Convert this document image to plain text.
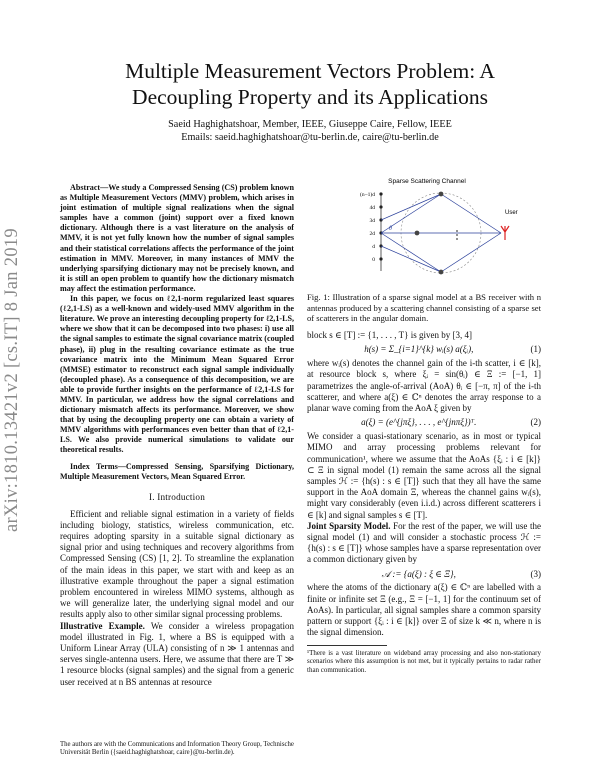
arXiv:1810.13421v2 [cs.IT] 8 Jan 2019
Multiple Measurement Vectors Problem: A
Decoupling Property and its Applications
Saeid Haghighatshoar, Member, IEEE, Giuseppe Caire, Fellow, IEEE
Emails: saeid.haghighatshoar@tu-berlin.de, caire@tu-berlin.de

Abstract—We study a Compressed Sensing (CS) problem known as Multiple Measurement Vectors (MMV) problem, which arises in joint estimation of multiple signal realizations when the signal samples have a common (joint) support over a fixed known dictionary. Although there is a vast literature on the analysis of MMV, it is not yet fully known how the number of signal samples and their statistical correlations affects the performance of the joint estimation in MMV. Moreover, in many instances of MMV the underlying sparsifying dictionary may not be precisely known, and it is still an open problem to quantify how the dictionary mismatch may affect the estimation performance.

In this paper, we focus on ℓ2,1-norm regularized least squares (ℓ2,1-LS) as a well-known and widely-used MMV algorithm in the literature. We prove an interesting decoupling property for ℓ2,1-LS, where we show that it can be decomposed into two phases: i) use all the signal samples to estimate the signal covariance matrix (coupled phase), ii) plug in the resulting covariance estimate as the true covariance matrix into the Minimum Mean Squared Error (MMSE) estimator to reconstruct each signal sample individually (decoupled phase). As a consequence of this decomposition, we are able to provide further insights on the performance of ℓ2,1-LS for MMV. In particular, we address how the signal correlations and dictionary mismatch affects its performance. Moreover, we show that by using the decoupling property one can obtain a variety of MMV algorithms with performances even better than that of ℓ2,1-LS. We also provide numerical simulations to validate our theoretical results.

Index Terms—Compressed Sensing, Sparsifying Dictionary, Multiple Measurement Vectors, Mean Squared Error.

I. Introduction

Efficient and reliable signal estimation in a variety of fields including biology, statistics, wireless communication, etc. requires adopting sparsity in a suitable signal dictionary as signal prior and using techniques and recovery algorithms from Compressed Sensing (CS) [1, 2]. To streamline the explanation of the main ideas in this paper, we start with and keep as an illustrative example throughout the paper a signal estimation problem encountered in wireless MIMO systems, although as we will generalize later, the underlying signal model and our results apply also to other similar signal processing problems.

Illustrative Example. We consider a wireless propagation model illustrated in Fig. 1, where a BS is equipped with a Uniform Linear Array (ULA) consisting of n ≫ 1 antennas and serves single-antenna users. Here, we assume that there are T ≫ 1 resource blocks (signal samples) and the signal from a generic user received at n BS antennas at resource

The authors are with the Communications and Information Theory Group, Technische Universität Berlin ({saeid.haghighatshoar, caire}@tu-berlin.de).
Sparse Scattering Channel
(n−1)d
4d
3d
2d
d
0
θ
User

Fig. 1: Illustration of a sparse signal model at a BS receiver with n antennas produced by a scattering channel consisting of a sparse set of scatterers in the angular domain.

block s ∈ [T] := {1, . . . , T} is given by [3, 4]

h(s) = Σ_{i=1}^{k} wᵢ(s) a(ξᵢ),	(1)

where wᵢ(s) denotes the channel gain of the i-th scatter, i ∈ [k], at resource block s, where ξᵢ = sin(θᵢ) ∈ Ξ := [−1, 1] parametrizes the angle-of-arrival (AoA) θᵢ ∈ [−π, π] of the i-th scatterer, and where a(ξ) ∈ ℂⁿ denotes the array response to a planar wave coming from the AoA ξ given by

a(ξ) = (e^{jπξ}, . . . , e^{jnπξ})ᵀ.	(2)

We consider a quasi-stationary scenario, as in most or typical MIMO and array processing problems relevant for communication¹, where we assume that the AoAs {ξᵢ : i ∈ [k]} ⊂ Ξ in signal model (1) remain the same across all the signal samples ℋ := {h(s) : s ∈ [T]} such that they all have the same support in the AoA domain Ξ, whereas the channel gains wᵢ(s), might vary considerably (even i.i.d.) across different scatterers i ∈ [k] and signal samples s ∈ [T].

Joint Sparsity Model. For the rest of the paper, we will use the signal model (1) and will consider a stochastic process ℋ := {h(s) : s ∈ [T]} whose samples have a sparse representation over a common dictionary given by

𝒜 := {a(ξ) : ξ ∈ Ξ},	(3)

where the atoms of the dictionary a(ξ) ∈ ℂⁿ are labelled with a finite or infinite set Ξ (e.g., Ξ = [−1, 1] for the continuum set of AoAs). In particular, all signal samples share a common sparsity pattern or support {ξᵢ : i ∈ [k]} over Ξ of size k ≪ n, where n is the signal dimension.

¹There is a vast literature on wideband array processing and also non-stationary scenarios where this assumption is not met, but it typically pertains to radar rather than communication.
